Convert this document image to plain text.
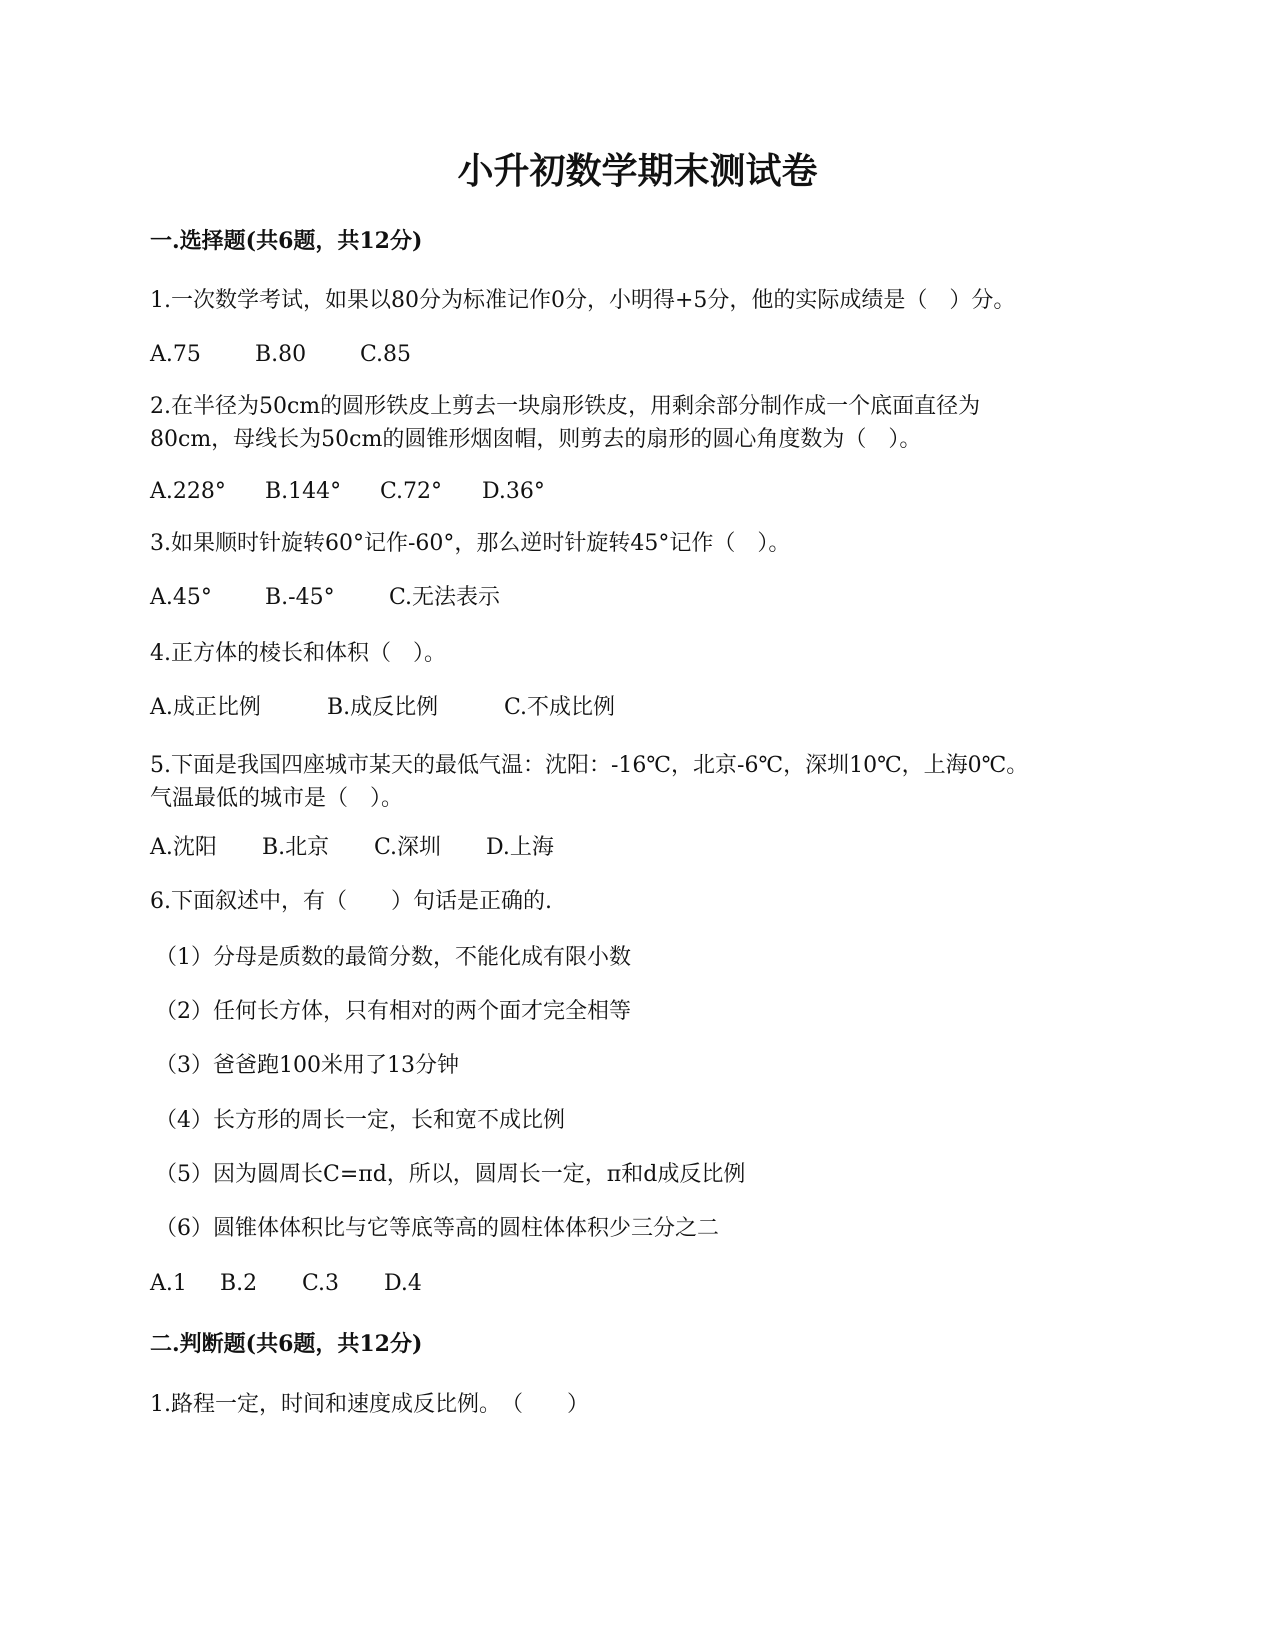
小升初数学期末测试卷
一.选择题(共6题，共12分)
1.一次数学考试，如果以80分为标准记作0分，小明得+5分，他的实际成绩是（　）分。
A.75 B.80 C.85

2.在半径为50cm的圆形铁皮上剪去一块扇形铁皮，用剩余部分制作成一个底面直径为

80cm，母线长为50cm的圆锥形烟囱帽，则剪去的扇形的圆心角度数为（　）。

A.228° B.144° C.72° D.36°
3.如果顺时针旋转60°记作-60°，那么逆时针旋转45°记作（　）。
A.45° B.-45° C.无法表示
4.正方体的棱长和体积（　）。
A.成正比例	B.成反比例	C.不成比例

5.下面是我国四座城市某天的最低气温：沈阳：-16℃，北京-6℃，深圳10℃，上海0℃。

气温最低的城市是（　）。

A.沈阳 B.北京 C.深圳 D.上海
6.下面叙述中，有（　　）句话是正确的.
（1）分母是质数的最简分数，不能化成有限小数
（2）任何长方体，只有相对的两个面才完全相等
（3）爸爸跑100米用了13分钟
（4）长方形的周长一定，长和宽不成比例
（5）因为圆周长C=πd，所以，圆周长一定，π和d成反比例
（6）圆锥体体积比与它等底等高的圆柱体体积少三分之二
A.1 B.2 C.3 D.4
二.判断题(共6题，共12分)
1.路程一定，时间和速度成反比例。　（　　）
